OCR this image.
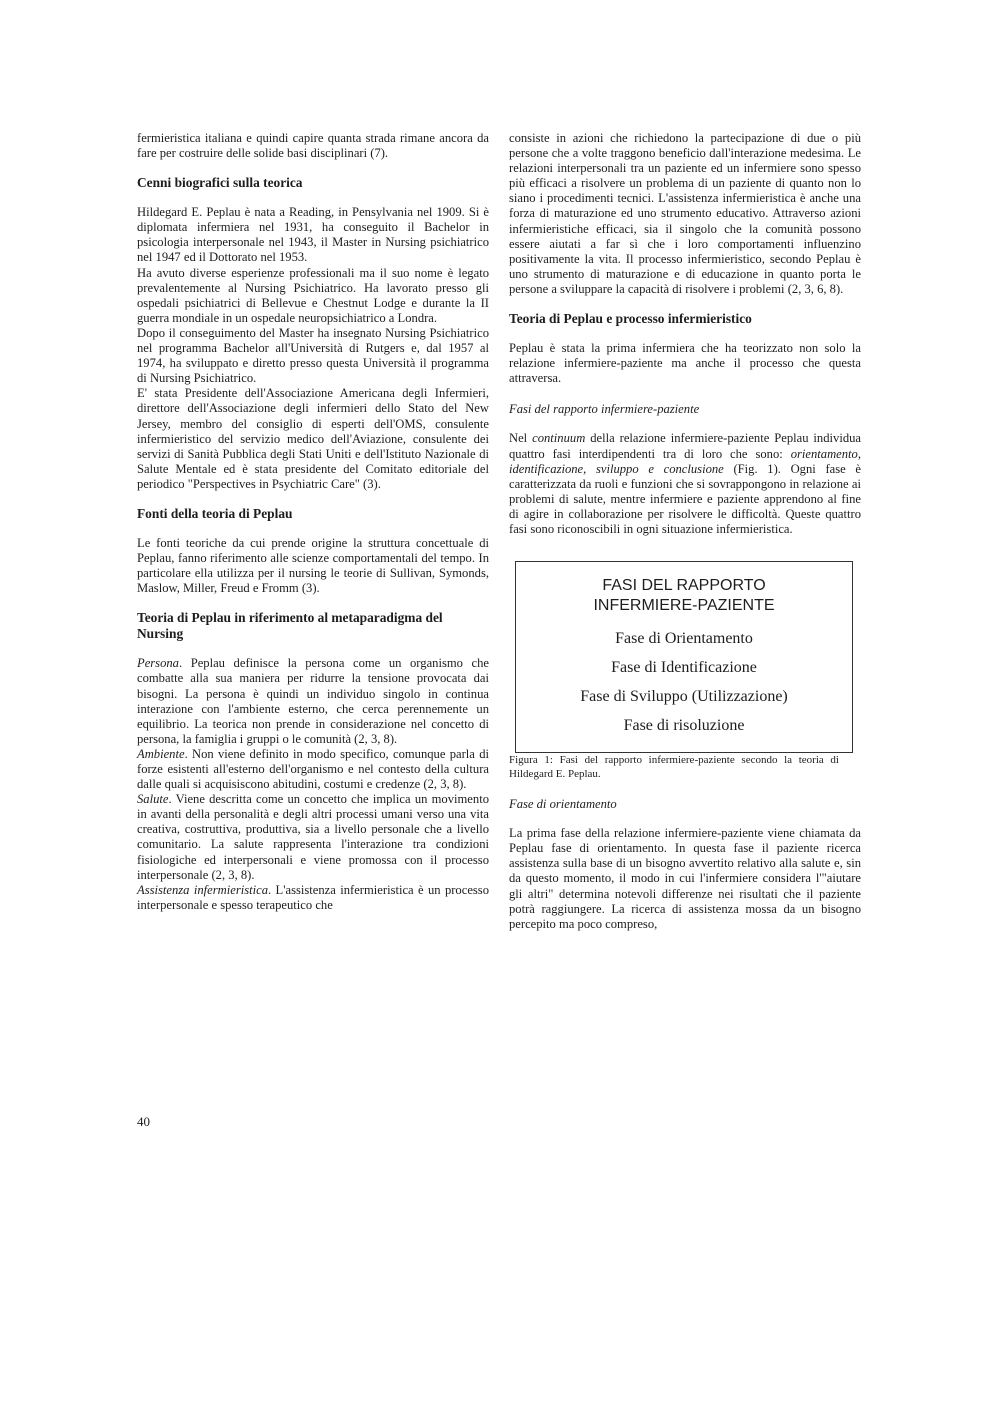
fermieristica italiana e quindi capire quanta strada rimane ancora da fare per costruire delle solide basi disciplinari (7).

Cenni biografici sulla teorica

Hildegard E. Peplau è nata a Reading, in Pensylvania nel 1909. Si è diplomata infermiera nel 1931, ha conseguito il Bachelor in psicologia interpersonale nel 1943, il Master in Nursing psichiatrico nel 1947 ed il Dottorato nel 1953.

Ha avuto diverse esperienze professionali ma il suo nome è legato prevalentemente al Nursing Psichiatrico. Ha lavorato presso gli ospedali psichiatrici di Bellevue e Chestnut Lodge e durante la II guerra mondiale in un ospedale neuropsichiatrico a Londra.

Dopo il conseguimento del Master ha insegnato Nursing Psichiatrico nel programma Bachelor all'Università di Rutgers e, dal 1957 al 1974, ha sviluppato e diretto presso questa Università il programma di Nursing Psichiatrico.

E' stata Presidente dell'Associazione Americana degli Infermieri, direttore dell'Associazione degli infermieri dello Stato del New Jersey, membro del consiglio di esperti dell'OMS, consulente infermieristico del servizio medico dell'Aviazione, consulente dei servizi di Sanità Pubblica degli Stati Uniti e dell'Istituto Nazionale di Salute Mentale ed è stata presidente del Comitato editoriale del periodico "Perspectives in Psychiatric Care" (3).

Fonti della teoria di Peplau

Le fonti teoriche da cui prende origine la struttura concettuale di Peplau, fanno riferimento alle scienze comportamentali del tempo. In particolare ella utilizza per il nursing le teorie di Sullivan, Symonds, Maslow, Miller, Freud e Fromm (3).

Teoria di Peplau in riferimento al metaparadigma del Nursing

Persona. Peplau definisce la persona come un organismo che combatte alla sua maniera per ridurre la tensione provocata dai bisogni. La persona è quindi un individuo singolo in continua interazione con l'ambiente esterno, che cerca perennemente un equilibrio. La teorica non prende in considerazione nel concetto di persona, la famiglia i gruppi o le comunità (2, 3, 8).

Ambiente. Non viene definito in modo specifico, comunque parla di forze esistenti all'esterno dell'organismo e nel contesto della cultura dalle quali si acquisiscono abitudini, costumi e credenze (2, 3, 8).

Salute. Viene descritta come un concetto che implica un movimento in avanti della personalità e degli altri processi umani verso una vita creativa, costruttiva, produttiva, sia a livello personale che a livello comunitario. La salute rappresenta l'interazione tra condizioni fisiologiche ed interpersonali e viene promossa con il processo interpersonale (2, 3, 8).

Assistenza infermieristica. L'assistenza infermieristica è un processo interpersonale e spesso terapeutico che

consiste in azioni che richiedono la partecipazione di due o più persone che a volte traggono beneficio dall'interazione medesima. Le relazioni interpersonali tra un paziente ed un infermiere sono spesso più efficaci a risolvere un problema di un paziente di quanto non lo siano i procedimenti tecnici. L'assistenza infermieristica è anche una forza di maturazione ed uno strumento educativo. Attraverso azioni infermieristiche efficaci, sia il singolo che la comunità possono essere aiutati a far sì che i loro comportamenti influenzino positivamente la vita. Il processo infermieristico, secondo Peplau è uno strumento di maturazione e di educazione in quanto porta le persone a sviluppare la capacità di risolvere i problemi (2, 3, 6, 8).

Teoria di Peplau e processo infermieristico

Peplau è stata la prima infermiera che ha teorizzato non solo la relazione infermiere-paziente ma anche il processo che questa attraversa.

Fasi del rapporto infermiere-paziente

Nel continuum della relazione infermiere-paziente Peplau individua quattro fasi interdipendenti tra di loro che sono: orientamento, identificazione, sviluppo e conclusione (Fig. 1). Ogni fase è caratterizzata da ruoli e funzioni che si sovrappongono in relazione ai problemi di salute, mentre infermiere e paziente apprendono al fine di agire in collaborazione per risolvere le difficoltà. Queste quattro fasi sono riconoscibili in ogni situazione infermieristica.

FASI DEL RAPPORTO
INFERMIERE-PAZIENTE
Fase di Orientamento
Fase di Identificazione
Fase di Sviluppo (Utilizzazione)
Fase di risoluzione

Figura 1: Fasi del rapporto infermiere-paziente secondo la teoria di Hildegard E. Peplau.

Fase di orientamento

La prima fase della relazione infermiere-paziente viene chiamata da Peplau fase di orientamento. In questa fase il paziente ricerca assistenza sulla base di un bisogno avvertito relativo alla salute e, sin da questo momento, il modo in cui l'infermiere considera l'"aiutare gli altri" determina notevoli differenze nei risultati che il paziente potrà raggiungere. La ricerca di assistenza mossa da un bisogno percepito ma poco compreso,

40
